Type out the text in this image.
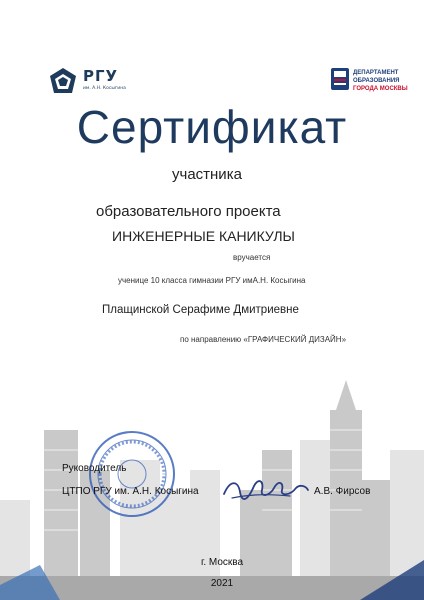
РГУ
им. А.Н. Косыгина
ДЕПАРТАМЕНТ
ОБРАЗОВАНИЯ
ГОРОДА МОСКВЫ
Сертификат
участника
образовательного проекта
ИНЖЕНЕРНЫЕ КАНИКУЛЫ
вручается
ученице 10 класса гимназии РГУ имА.Н. Косыгина
Плащинской Серафиме Дмитриевне
по направлению «ГРАФИЧЕСКИЙ ДИЗАЙН»
Руководитель
ЦТПО РГУ им. А.Н. Косыгина	А.В. Фирсов
г. Москва
2021
